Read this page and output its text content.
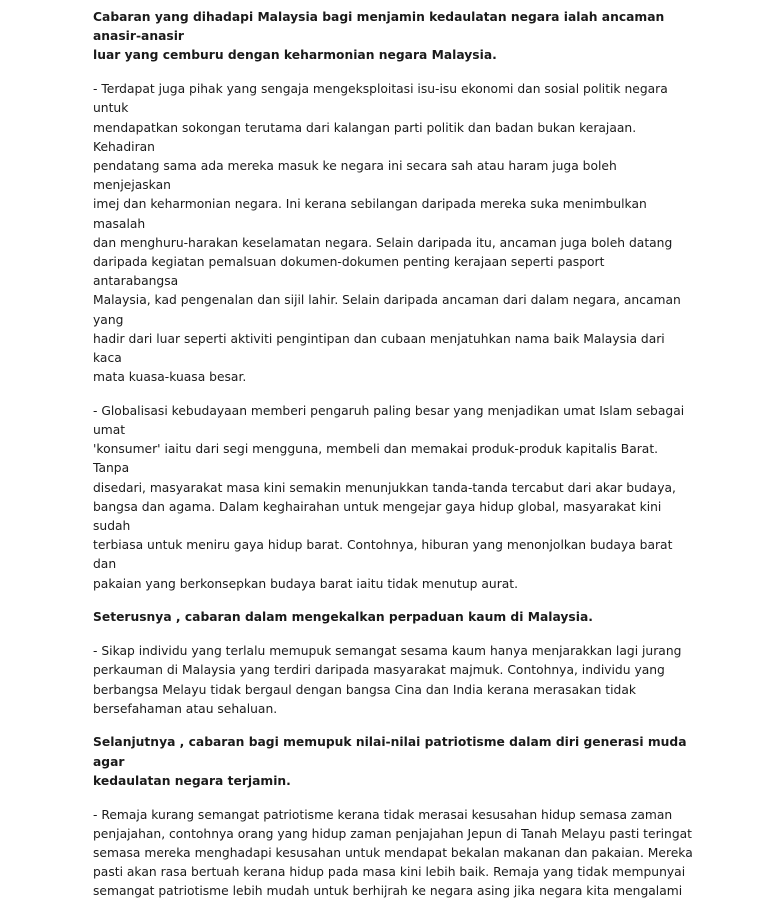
Cabaran yang dihadapi Malaysia bagi menjamin kedaulatan negara ialah ancaman anasir-anasir
luar yang cemburu dengan keharmonian negara Malaysia.

- Terdapat juga pihak yang sengaja mengeksploitasi isu-isu ekonomi dan sosial politik negara untuk
mendapatkan sokongan terutama dari kalangan parti politik dan badan bukan kerajaan. Kehadiran
pendatang sama ada mereka masuk ke negara ini secara sah atau haram juga boleh menjejaskan
imej dan keharmonian negara. Ini kerana sebilangan daripada mereka suka menimbulkan masalah
dan menghuru-harakan keselamatan negara. Selain daripada itu, ancaman juga boleh datang
daripada kegiatan pemalsuan dokumen-dokumen penting kerajaan seperti pasport antarabangsa
Malaysia, kad pengenalan dan sijil lahir. Selain daripada ancaman dari dalam negara, ancaman yang
hadir dari luar seperti aktiviti pengintipan dan cubaan menjatuhkan nama baik Malaysia dari kaca
mata kuasa-kuasa besar.

- Globalisasi kebudayaan memberi pengaruh paling besar yang menjadikan umat Islam sebagai umat
'konsumer' iaitu dari segi mengguna, membeli dan memakai produk-produk kapitalis Barat. Tanpa
disedari, masyarakat masa kini semakin menunjukkan tanda-tanda tercabut dari akar budaya,
bangsa dan agama. Dalam keghairahan untuk mengejar gaya hidup global, masyarakat kini sudah
terbiasa untuk meniru gaya hidup barat. Contohnya, hiburan yang menonjolkan budaya barat dan
pakaian yang berkonsepkan budaya barat iaitu tidak menutup aurat.

Seterusnya , cabaran dalam mengekalkan perpaduan kaum di Malaysia.

- Sikap individu yang terlalu memupuk semangat sesama kaum hanya menjarakkan lagi jurang
perkauman di Malaysia yang terdiri daripada masyarakat majmuk. Contohnya, individu yang
berbangsa Melayu tidak bergaul dengan bangsa Cina dan India kerana merasakan tidak
bersefahaman atau sehaluan.

Selanjutnya , cabaran bagi memupuk nilai-nilai patriotisme dalam diri generasi muda agar
kedaulatan negara terjamin.

- Remaja kurang semangat patriotisme kerana tidak merasai kesusahan hidup semasa zaman
penjajahan, contohnya orang yang hidup zaman penjajahan Jepun di Tanah Melayu pasti teringat
semasa mereka menghadapi kesusahan untuk mendapat bekalan makanan dan pakaian. Mereka
pasti akan rasa bertuah kerana hidup pada masa kini lebih baik. Remaja yang tidak mempunyai
semangat patriotisme lebih mudah untuk berhijrah ke negara asing jika negara kita mengalami
